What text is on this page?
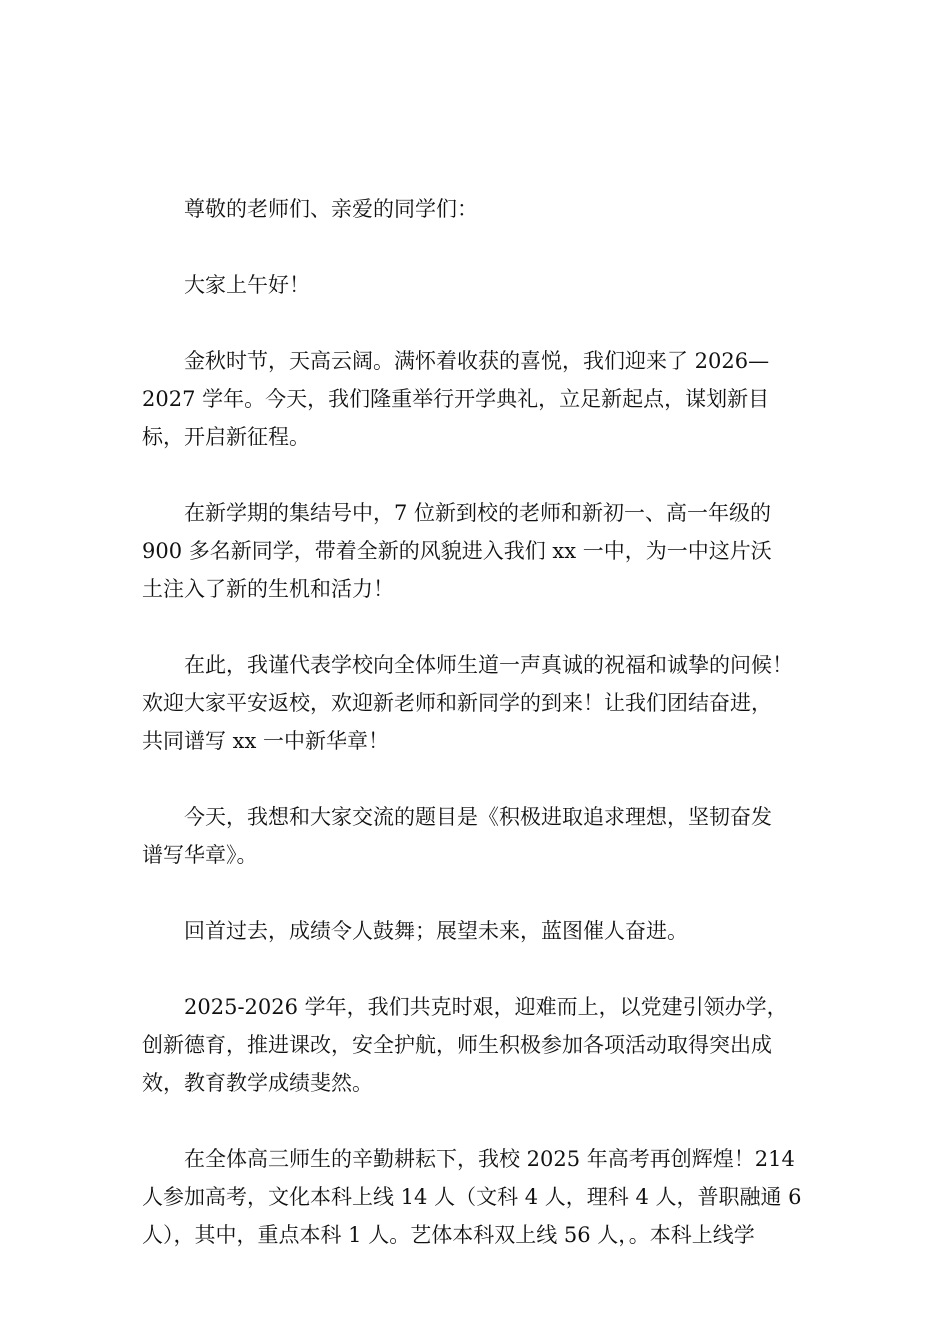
尊敬的老师们、亲爱的同学们：

大家上午好！

金秋时节，天高云阔。满怀着收获的喜悦，我们迎来了 2026—
2027 学年。今天，我们隆重举行开学典礼，立足新起点，谋划新目
标，开启新征程。

在新学期的集结号中，7 位新到校的老师和新初一、高一年级的
900 多名新同学，带着全新的风貌进入我们 xx 一中，为一中这片沃
土注入了新的生机和活力！

在此，我谨代表学校向全体师生道一声真诚的祝福和诚挚的问候！
欢迎大家平安返校，欢迎新老师和新同学的到来！让我们团结奋进，
共同谱写 xx 一中新华章！

今天，我想和大家交流的题目是《积极进取追求理想，坚韧奋发
谱写华章》。

回首过去，成绩令人鼓舞；展望未来，蓝图催人奋进。

2025-2026 学年，我们共克时艰，迎难而上，以党建引领办学，
创新德育，推进课改，安全护航，师生积极参加各项活动取得突出成
效，教育教学成绩斐然。

在全体高三师生的辛勤耕耘下，我校 2025 年高考再创辉煌！214
人参加高考，文化本科上线 14 人（文科 4 人，理科 4 人，普职融通 6
人），其中，重点本科 1 人。艺体本科双上线 56 人，。本科上线学
